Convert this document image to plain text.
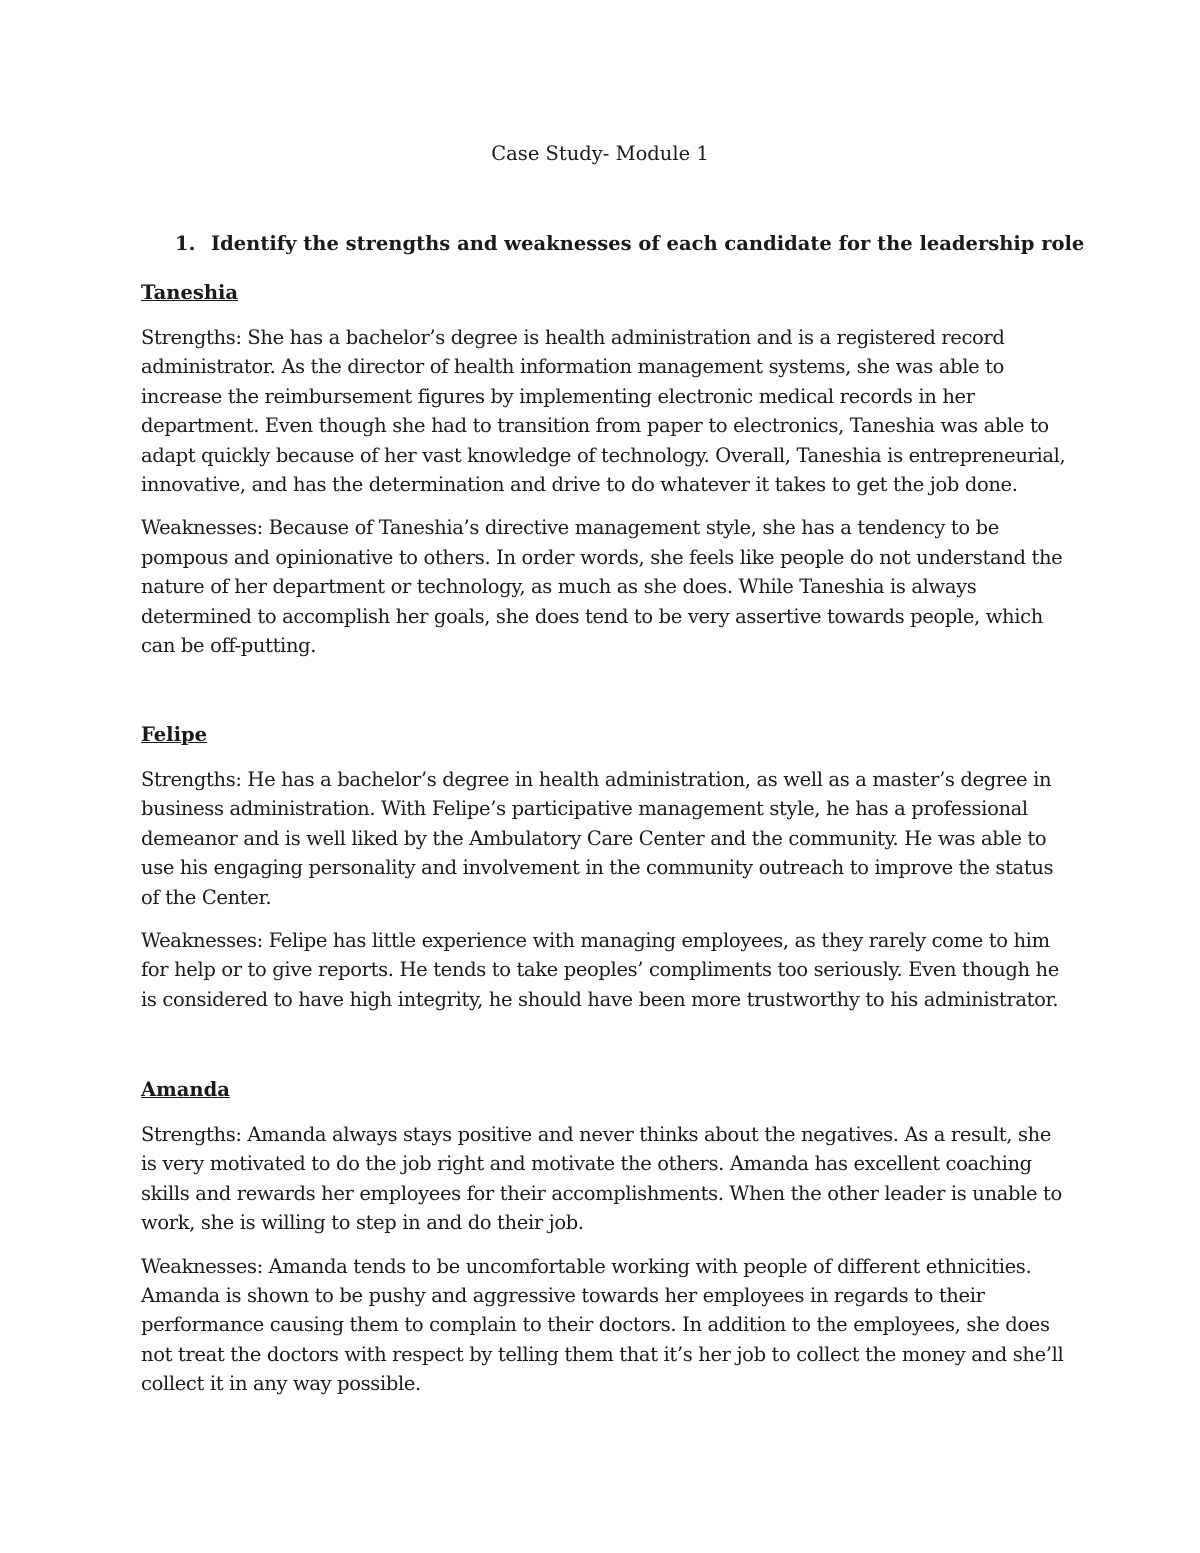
Case Study- Module 1
1. Identify the strengths and weaknesses of each candidate for the leadership role
Taneshia

Strengths: She has a bachelor’s degree is health administration and is a registered record administrator. As the director of health information management systems, she was able to increase the reimbursement figures by implementing electronic medical records in her department. Even though she had to transition from paper to electronics, Taneshia was able to adapt quickly because of her vast knowledge of technology. Overall, Taneshia is entrepreneurial, innovative, and has the determination and drive to do whatever it takes to get the job done.

Weaknesses: Because of Taneshia’s directive management style, she has a tendency to be pompous and opinionative to others. In order words, she feels like people do not understand the nature of her department or technology, as much as she does. While Taneshia is always determined to accomplish her goals, she does tend to be very assertive towards people, which can be off-putting.

Felipe

Strengths: He has a bachelor’s degree in health administration, as well as a master’s degree in business administration. With Felipe’s participative management style, he has a professional demeanor and is well liked by the Ambulatory Care Center and the community. He was able to use his engaging personality and involvement in the community outreach to improve the status of the Center.

Weaknesses: Felipe has little experience with managing employees, as they rarely come to him for help or to give reports. He tends to take peoples’ compliments too seriously. Even though he is considered to have high integrity, he should have been more trustworthy to his administrator.

Amanda

Strengths: Amanda always stays positive and never thinks about the negatives. As a result, she is very motivated to do the job right and motivate the others. Amanda has excellent coaching skills and rewards her employees for their accomplishments. When the other leader is unable to work, she is willing to step in and do their job.

Weaknesses: Amanda tends to be uncomfortable working with people of different ethnicities. Amanda is shown to be pushy and aggressive towards her employees in regards to their performance causing them to complain to their doctors. In addition to the employees, she does not treat the doctors with respect by telling them that it’s her job to collect the money and she’ll collect it in any way possible.
